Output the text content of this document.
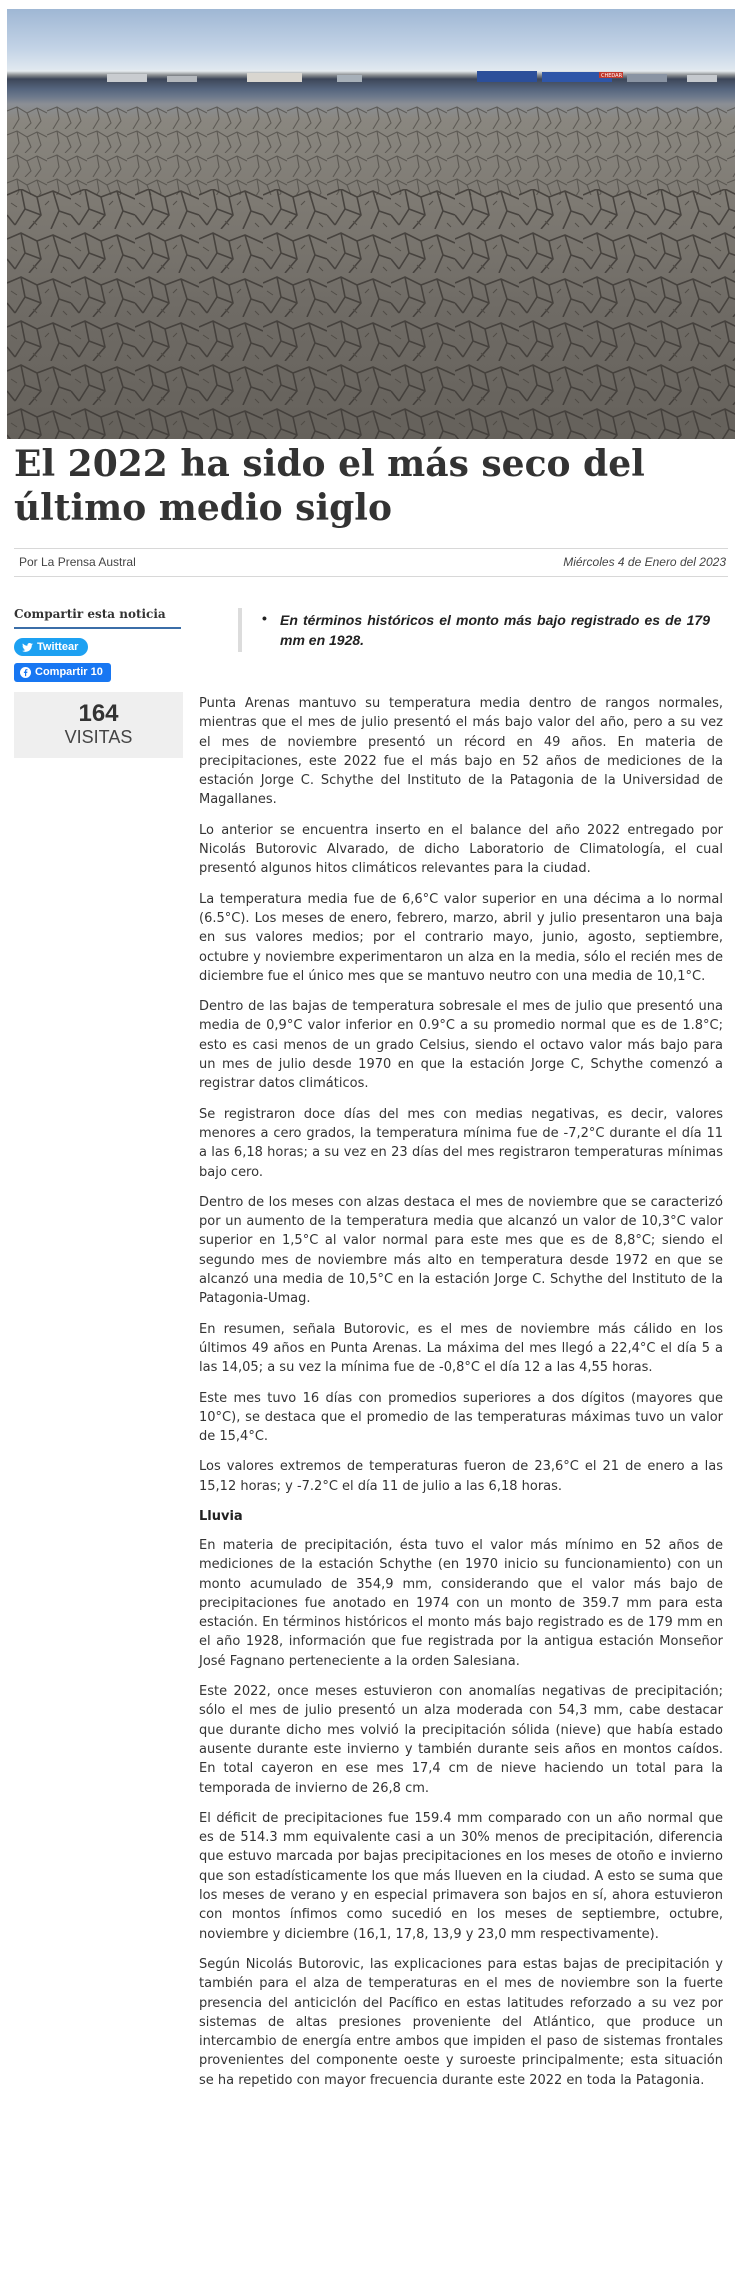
CHEDAR
El 2022 ha sido el más seco del último medio siglo
Por La Prensa Austral	Miércoles 4 de Enero del 2023
Compartir esta noticia
Twittear
Compartir 10
164
VISITAS
• En términos históricos el monto más bajo registrado es de 179 mm en 1928.

Punta Arenas mantuvo su temperatura media dentro de rangos normales, mientras que el mes de julio presentó el más bajo valor del año, pero a su vez el mes de noviembre presentó un récord en 49 años. En materia de precipitaciones, este 2022 fue el más bajo en 52 años de mediciones de la estación Jorge C. Schythe del Instituto de la Patagonia de la Universidad de Magallanes.

Lo anterior se encuentra inserto en el balance del año 2022 entregado por Nicolás Butorovic Alvarado, de dicho Laboratorio de Climatología, el cual presentó algunos hitos climáticos relevantes para la ciudad.

La temperatura media fue de 6,6°C valor superior en una décima a lo normal (6.5°C). Los meses de enero, febrero, marzo, abril y julio presentaron una baja en sus valores medios; por el contrario mayo, junio, agosto, septiembre, octubre y noviembre experimentaron un alza en la media, sólo el recién mes de diciembre fue el único mes que se mantuvo neutro con una media de 10,1°C.

Dentro de las bajas de temperatura sobresale el mes de julio que presentó una media de 0,9°C valor inferior en 0.9°C a su promedio normal que es de 1.8°C; esto es casi menos de un grado Celsius, siendo el octavo valor más bajo para un mes de julio desde 1970 en que la estación Jorge C, Schythe comenzó a registrar datos climáticos.

Se registraron doce días del mes con medias negativas, es decir, valores menores a cero grados, la temperatura mínima fue de -7,2°C durante el día 11 a las 6,18 horas; a su vez en 23 días del mes registraron temperaturas mínimas bajo cero.

Dentro de los meses con alzas destaca el mes de noviembre que se caracterizó por un aumento de la temperatura media que alcanzó un valor de 10,3°C valor superior en 1,5°C al valor normal para este mes que es de 8,8°C; siendo el segundo mes de noviembre más alto en temperatura desde 1972 en que se alcanzó una media de 10,5°C en la estación Jorge C. Schythe del Instituto de la Patagonia-Umag.

En resumen, señala Butorovic, es el mes de noviembre más cálido en los últimos 49 años en Punta Arenas. La máxima del mes llegó a 22,4°C el día 5 a las 14,05; a su vez la mínima fue de -0,8°C el día 12 a las 4,55 horas.

Este mes tuvo 16 días con promedios superiores a dos dígitos (mayores que 10°C), se destaca que el promedio de las temperaturas máximas tuvo un valor de 15,4°C.

Los valores extremos de temperaturas fueron de 23,6°C el 21 de enero a las 15,12 horas; y -7.2°C el día 11 de julio a las 6,18 horas.

Lluvia

En materia de precipitación, ésta tuvo el valor más mínimo en 52 años de mediciones de la estación Schythe (en 1970 inicio su funcionamiento) con un monto acumulado de 354,9 mm, considerando que el valor más bajo de precipitaciones fue anotado en 1974 con un monto de 359.7 mm para esta estación. En términos históricos el monto más bajo registrado es de 179 mm en el año 1928, información que fue registrada por la antigua estación Monseñor José Fagnano perteneciente a la orden Salesiana.

Este 2022, once meses estuvieron con anomalías negativas de precipitación; sólo el mes de julio presentó un alza moderada con 54,3 mm, cabe destacar que durante dicho mes volvió la precipitación sólida (nieve) que había estado ausente durante este invierno y también durante seis años en montos caídos. En total cayeron en ese mes 17,4 cm de nieve haciendo un total para la temporada de invierno de 26,8 cm.

El déficit de precipitaciones fue 159.4 mm comparado con un año normal que es de 514.3 mm equivalente casi a un 30% menos de precipitación, diferencia que estuvo marcada por bajas precipitaciones en los meses de otoño e invierno que son estadísticamente los que más llueven en la ciudad. A esto se suma que los meses de verano y en especial primavera son bajos en sí, ahora estuvieron con montos ínfimos como sucedió en los meses de septiembre, octubre, noviembre y diciembre (16,1, 17,8, 13,9 y 23,0 mm respectivamente).

Según Nicolás Butorovic, las explicaciones para estas bajas de precipitación y también para el alza de temperaturas en el mes de noviembre son la fuerte presencia del anticiclón del Pacífico en estas latitudes reforzado a su vez por sistemas de altas presiones proveniente del Atlántico, que produce un intercambio de energía entre ambos que impiden el paso de sistemas frontales provenientes del componente oeste y suroeste principalmente; esta situación se ha repetido con mayor frecuencia durante este 2022 en toda la Patagonia.
